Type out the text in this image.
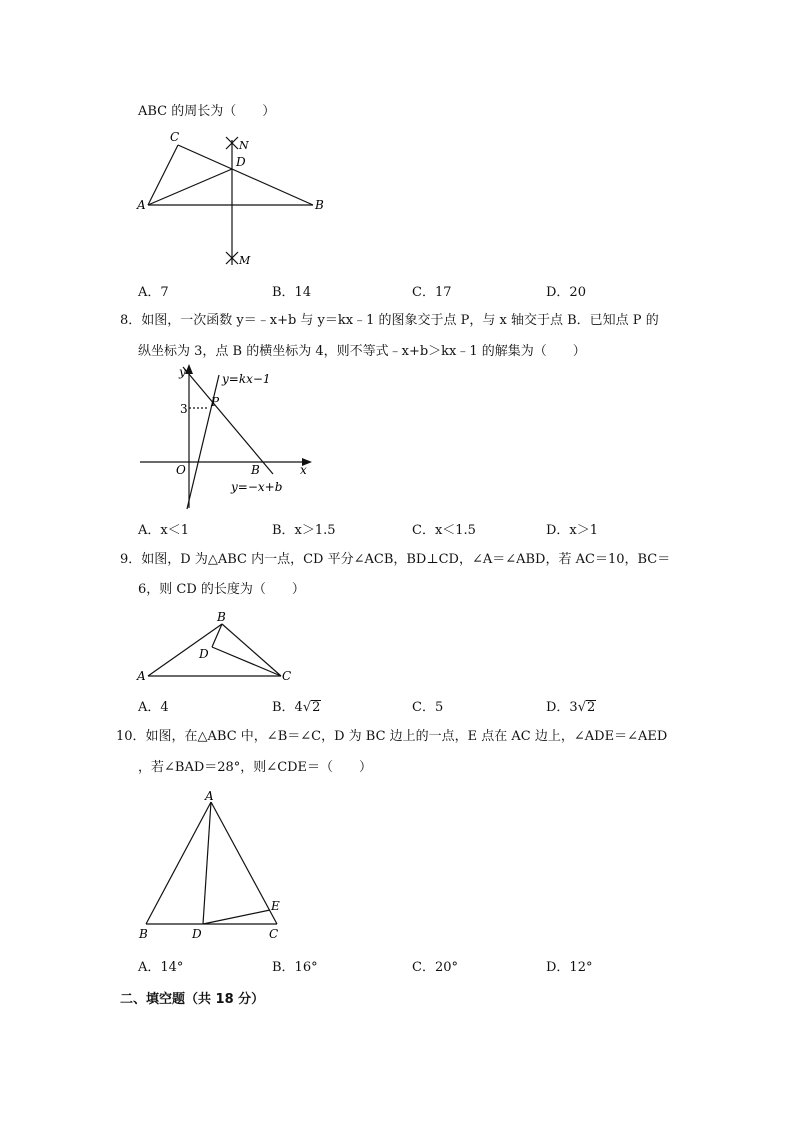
ABC 的周长为（　　）
C
D
N
A	B
M
A．7	B．14	C．17	D．20
8．如图，一次函数 y＝﹣x+b 与 y＝kx﹣1 的图象交于点 P，与 x 轴交于点 B．已知点 P 的
纵坐标为 3，点 B 的横坐标为 4，则不等式﹣x+b＞kx﹣1 的解集为（　　）
y
x
O
3 P
B
y=kx−1
y=−x+b
A．x＜1	B．x＞1.5	C．x＜1.5	D．x＞1
9．如图，D 为△ABC 内一点，CD 平分∠ACB，BD⊥CD，∠A＝∠ABD，若 AC＝10，BC＝
6，则 CD 的长度为（　　）
B
D
A	C
A．4	B．4√2	C．5	D．3√2
10．如图，在△ABC 中，∠B＝∠C，D 为 BC 边上的一点，E 点在 AC 边上，∠ADE＝∠AED
，若∠BAD＝28°，则∠CDE＝（　　）
A
B	D	C
E
A．14°	B．16°	C．20°	D．12°
二、填空题（共 18 分）
